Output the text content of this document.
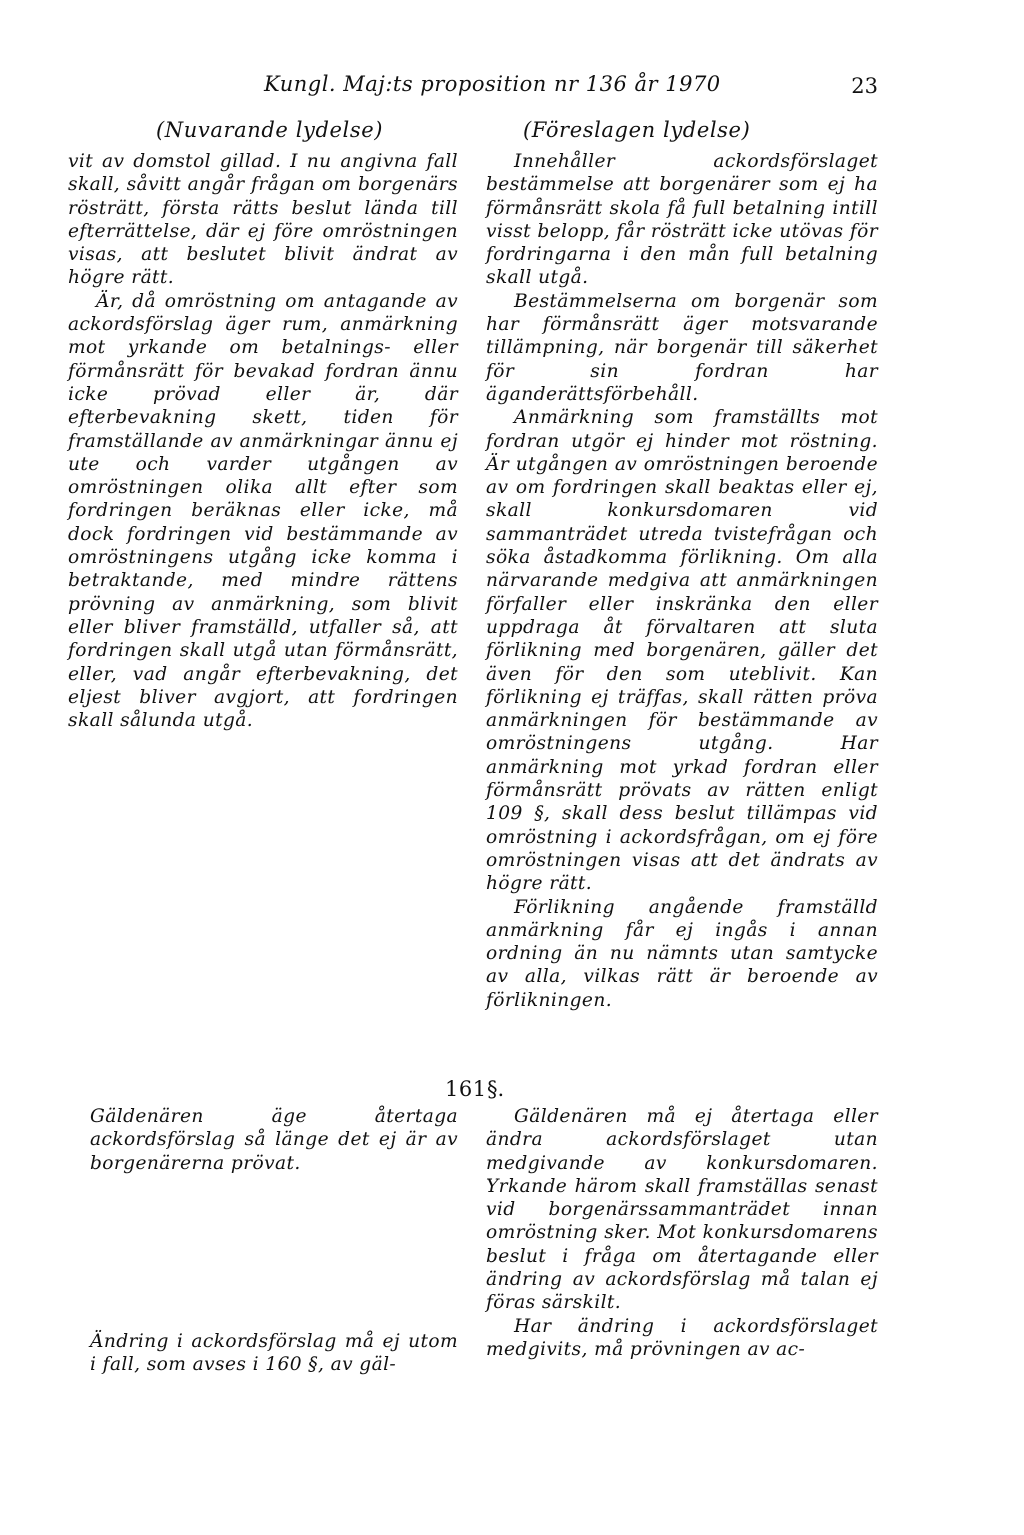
Kungl. Maj:ts proposition nr 136 år 1970	23
(Nuvarande lydelse)	(Föreslagen lydelse)

vit av domstol gillad. I nu angivna fall skall, såvitt angår frågan om borgenärs rösträtt, första rätts beslut lända till efterrättelse, där ej före omröstningen visas, att beslutet blivit ändrat av högre rätt.

Är, då omröstning om antagande av ackordsförslag äger rum, anmärkning mot yrkande om betalnings- eller förmånsrätt för bevakad fordran ännu icke prövad eller är, där efterbevakning skett, tiden för framställande av anmärkningar ännu ej ute och varder utgången av omröstningen olika allt efter som fordringen beräknas eller icke, må dock fordringen vid bestämmande av omröstningens utgång icke komma i betraktande, med mindre rättens prövning av anmärkning, som blivit eller bliver framställd, utfaller så, att fordringen skall utgå utan förmånsrätt, eller, vad angår efterbevakning, det eljest bliver avgjort, att fordringen skall sålunda utgå.

Innehåller ackordsförslaget bestämmelse att borgenärer som ej ha förmånsrätt skola få full betalning intill visst belopp, får rösträtt icke utövas för fordringarna i den mån full betalning skall utgå.

Bestämmelserna om borgenär som har förmånsrätt äger motsvarande tillämpning, när borgenär till säkerhet för sin fordran har äganderättsförbehåll.

Anmärkning som framställts mot fordran utgör ej hinder mot röstning. Är utgången av omröstningen beroende av om fordringen skall beaktas eller ej, skall konkursdomaren vid sammanträdet utreda tvistefrågan och söka åstadkomma förlikning. Om alla närvarande medgiva att anmärkningen förfaller eller inskränka den eller uppdraga åt förvaltaren att sluta förlikning med borgenären, gäller det även för den som uteblivit. Kan förlikning ej träffas, skall rätten pröva anmärkningen för bestämmande av omröstningens utgång. Har anmärkning mot yrkad fordran eller förmånsrätt prövats av rätten enligt 109 §, skall dess beslut tillämpas vid omröstning i ackordsfrågan, om ej före omröstningen visas att det ändrats av högre rätt.

Förlikning angående framställd anmärkning får ej ingås i annan ordning än nu nämnts utan samtycke av alla, vilkas rätt är beroende av förlikningen.

161 §.

Gäldenären äge återtaga ackordsförslag så länge det ej är av borgenärerna prövat.

Ändring i ackordsförslag må ej utom i fall, som avses i 160 §, av gäl-

Gäldenären må ej återtaga eller ändra ackordsförslaget utan medgivande av konkursdomaren. Yrkande härom skall framställas senast vid borgenärssammanträdet innan omröstning sker. Mot konkursdomarens beslut i fråga om återtagande eller ändring av ackordsförslag må talan ej föras särskilt.

Har ändring i ackordsförslaget medgivits, må prövningen av ac-
